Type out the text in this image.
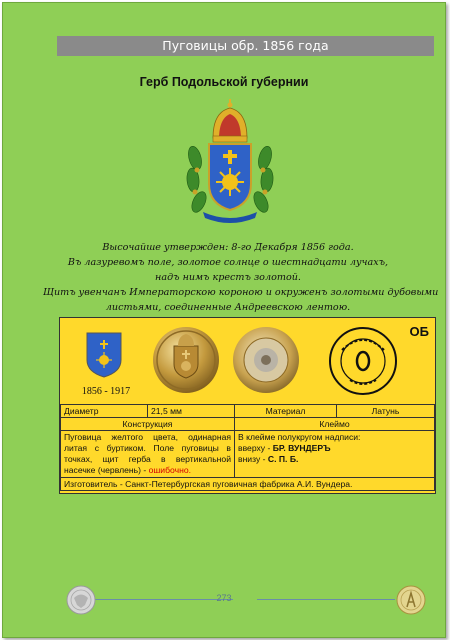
Пуговицы обр. 1856 года
Герб Подольской губернии
Высочайше утвержден: 8-го Декабря 1856 года.
Въ лазуревомъ поле, золотое солнце о шестнадцати лучахъ,
надъ нимъ крестъ золотой.
Щитъ увенчанъ Императорскою короною и окруженъ золотыми дубовыми
листьями, соединенные Андреевскою лентою.
1856 - 1917
ОБ
Диаметр	21,5 мм	Материал	Латунь
Конструкция		Клеймо	
Пуговица желтого цвета, одинарная литая с буртиком. Поле пуговицы в точках, щит герба в вертикальной насечке (червлень) - ошибочно.		В клейме полукругом надписи:
вверху - БР. ВУНДЕРЪ
внизу - С. П. Б.	

Изготовитель - Санкт-Петербургская пуговичная фабрика А.И. Вундера.			
273
